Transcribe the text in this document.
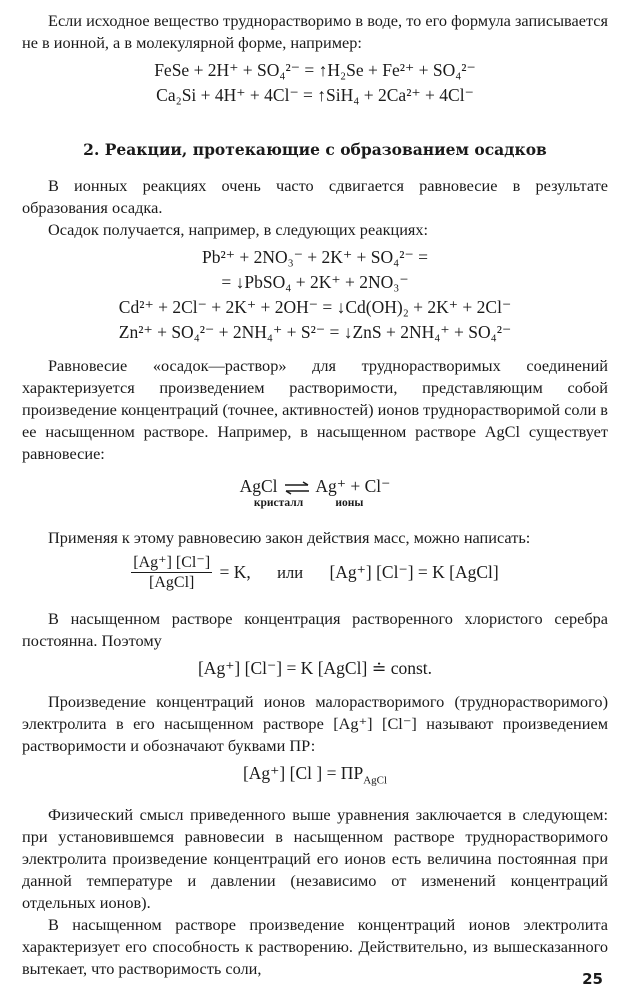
Если исходное вещество труднорастворимо в воде, то его формула записывается не в ионной, а в молекулярной форме, например:

FeSe + 2H⁺ + SO₄²⁻ = ↑H₂Se + Fe²⁺ + SO₄²⁻

Ca₂Si + 4H⁺ + 4Cl⁻ = ↑SiH₄ + 2Ca²⁺ + 4Cl⁻

2. Реакции, протекающие с образованием осадков

В ионных реакциях очень часто сдвигается равновесие в результате образования осадка.

Осадок получается, например, в следующих реакциях:

Pb²⁺ + 2NO₃⁻ + 2K⁺ + SO₄²⁻ =

= ↓PbSO₄ + 2K⁺ + 2NO₃⁻

Cd²⁺ + 2Cl⁻ + 2K⁺ + 2OH⁻ = ↓Cd(OH)₂ + 2K⁺ + 2Cl⁻

Zn²⁺ + SO₄²⁻ + 2NH₄⁺ + S²⁻ = ↓ZnS + 2NH₄⁺ + SO₄²⁻

Равновесие «осадок—раствор» для труднорастворимых соединений характеризуется произведением растворимости, представляющим собой произведение концентраций (точнее, активностей) ионов труднорастворимой соли в ее насыщенном растворе. Например, в насыщенном растворе AgCl существует равновесие:

AgCl ⇌ Ag⁺ + Cl⁻
кристалл	ионы

Применяя к этому равновесию закон действия масс, можно написать:

$\frac{[Ag^+] [Cl^-]}{\text{[AgCl]}} = K$, или [Ag⁺] [Cl⁻] = K [AgCl]

В насыщенном растворе концентрация растворенного хлористого серебра постоянна. Поэтому

[Ag⁺] [Cl⁻] = K [AgCl] ≐ const.

Произведение концентраций ионов малорастворимого (труднорастворимого) электролита в его насыщенном растворе [Ag⁺] [Cl⁻] называют произведением растворимости и обозначают буквами ПР:

[Ag⁺] [Cl ] = $ПР_{AgCl}$

Физический смысл приведенного выше уравнения заключается в следующем: при установившемся равновесии в насыщенном растворе труднорастворимого электролита произведение концентраций его ионов есть величина постоянная при данной температуре и давлении (независимо от изменений концентраций отдельных ионов).

В насыщенном растворе произведение концентраций ионов электролита характеризует его способность к растворению. Действительно, из вышесказанного вытекает, что растворимость соли,

25
